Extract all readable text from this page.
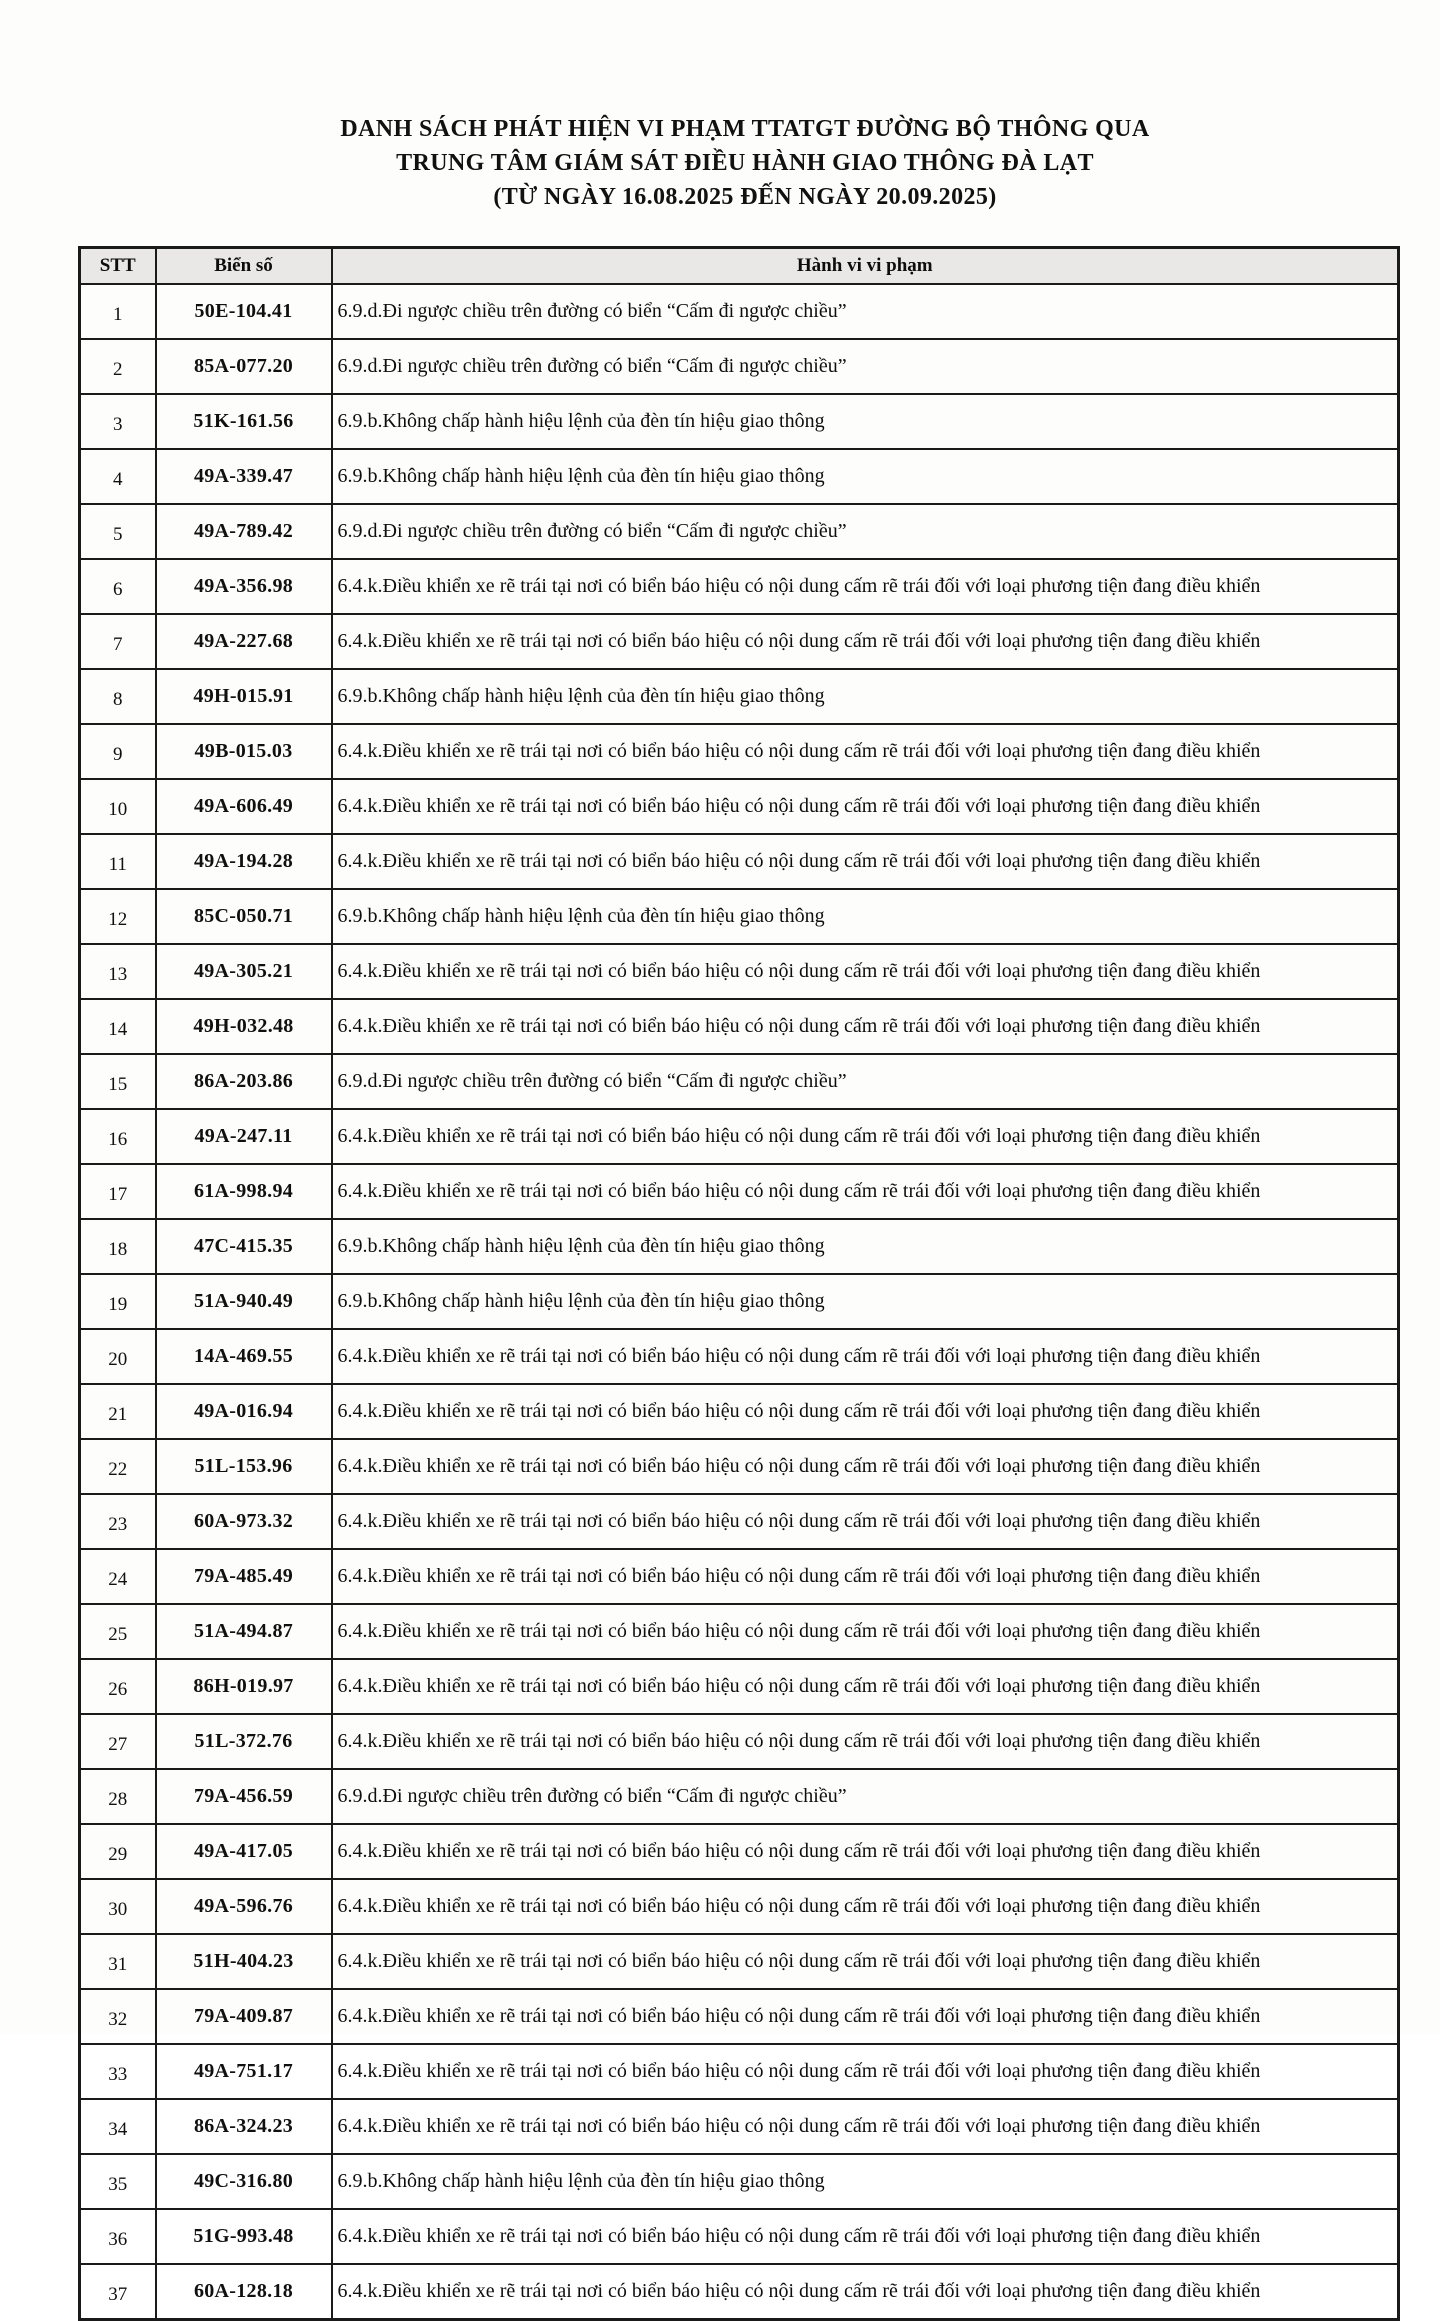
DANH SÁCH PHÁT HIỆN VI PHẠM TTATGT ĐƯỜNG BỘ THÔNG QUA
TRUNG TÂM GIÁM SÁT ĐIỀU HÀNH GIAO THÔNG ĐÀ LẠT
(TỪ NGÀY 16.08.2025 ĐẾN NGÀY 20.09.2025)
STT	Biển số	Hành vi vi phạm
1	50E-104.41	6.9.d.Đi ngược chiều trên đường có biển “Cấm đi ngược chiều”
2	85A-077.20	6.9.d.Đi ngược chiều trên đường có biển “Cấm đi ngược chiều”
3	51K-161.56	6.9.b.Không chấp hành hiệu lệnh của đèn tín hiệu giao thông
4	49A-339.47	6.9.b.Không chấp hành hiệu lệnh của đèn tín hiệu giao thông
5	49A-789.42	6.9.d.Đi ngược chiều trên đường có biển “Cấm đi ngược chiều”
6	49A-356.98	6.4.k.Điều khiển xe rẽ trái tại nơi có biển báo hiệu có nội dung cấm rẽ trái đối với loại phương tiện đang điều khiển
7	49A-227.68	6.4.k.Điều khiển xe rẽ trái tại nơi có biển báo hiệu có nội dung cấm rẽ trái đối với loại phương tiện đang điều khiển
8	49H-015.91	6.9.b.Không chấp hành hiệu lệnh của đèn tín hiệu giao thông
9	49B-015.03	6.4.k.Điều khiển xe rẽ trái tại nơi có biển báo hiệu có nội dung cấm rẽ trái đối với loại phương tiện đang điều khiển
10	49A-606.49	6.4.k.Điều khiển xe rẽ trái tại nơi có biển báo hiệu có nội dung cấm rẽ trái đối với loại phương tiện đang điều khiển
11	49A-194.28	6.4.k.Điều khiển xe rẽ trái tại nơi có biển báo hiệu có nội dung cấm rẽ trái đối với loại phương tiện đang điều khiển
12	85C-050.71	6.9.b.Không chấp hành hiệu lệnh của đèn tín hiệu giao thông
13	49A-305.21	6.4.k.Điều khiển xe rẽ trái tại nơi có biển báo hiệu có nội dung cấm rẽ trái đối với loại phương tiện đang điều khiển
14	49H-032.48	6.4.k.Điều khiển xe rẽ trái tại nơi có biển báo hiệu có nội dung cấm rẽ trái đối với loại phương tiện đang điều khiển
15	86A-203.86	6.9.d.Đi ngược chiều trên đường có biển “Cấm đi ngược chiều”
16	49A-247.11	6.4.k.Điều khiển xe rẽ trái tại nơi có biển báo hiệu có nội dung cấm rẽ trái đối với loại phương tiện đang điều khiển
17	61A-998.94	6.4.k.Điều khiển xe rẽ trái tại nơi có biển báo hiệu có nội dung cấm rẽ trái đối với loại phương tiện đang điều khiển
18	47C-415.35	6.9.b.Không chấp hành hiệu lệnh của đèn tín hiệu giao thông
19	51A-940.49	6.9.b.Không chấp hành hiệu lệnh của đèn tín hiệu giao thông
20	14A-469.55	6.4.k.Điều khiển xe rẽ trái tại nơi có biển báo hiệu có nội dung cấm rẽ trái đối với loại phương tiện đang điều khiển
21	49A-016.94	6.4.k.Điều khiển xe rẽ trái tại nơi có biển báo hiệu có nội dung cấm rẽ trái đối với loại phương tiện đang điều khiển
22	51L-153.96	6.4.k.Điều khiển xe rẽ trái tại nơi có biển báo hiệu có nội dung cấm rẽ trái đối với loại phương tiện đang điều khiển
23	60A-973.32	6.4.k.Điều khiển xe rẽ trái tại nơi có biển báo hiệu có nội dung cấm rẽ trái đối với loại phương tiện đang điều khiển
24	79A-485.49	6.4.k.Điều khiển xe rẽ trái tại nơi có biển báo hiệu có nội dung cấm rẽ trái đối với loại phương tiện đang điều khiển
25	51A-494.87	6.4.k.Điều khiển xe rẽ trái tại nơi có biển báo hiệu có nội dung cấm rẽ trái đối với loại phương tiện đang điều khiển
26	86H-019.97	6.4.k.Điều khiển xe rẽ trái tại nơi có biển báo hiệu có nội dung cấm rẽ trái đối với loại phương tiện đang điều khiển
27	51L-372.76	6.4.k.Điều khiển xe rẽ trái tại nơi có biển báo hiệu có nội dung cấm rẽ trái đối với loại phương tiện đang điều khiển
28	79A-456.59	6.9.d.Đi ngược chiều trên đường có biển “Cấm đi ngược chiều”
29	49A-417.05	6.4.k.Điều khiển xe rẽ trái tại nơi có biển báo hiệu có nội dung cấm rẽ trái đối với loại phương tiện đang điều khiển
30	49A-596.76	6.4.k.Điều khiển xe rẽ trái tại nơi có biển báo hiệu có nội dung cấm rẽ trái đối với loại phương tiện đang điều khiển
31	51H-404.23	6.4.k.Điều khiển xe rẽ trái tại nơi có biển báo hiệu có nội dung cấm rẽ trái đối với loại phương tiện đang điều khiển
32	79A-409.87	6.4.k.Điều khiển xe rẽ trái tại nơi có biển báo hiệu có nội dung cấm rẽ trái đối với loại phương tiện đang điều khiển
33	49A-751.17	6.4.k.Điều khiển xe rẽ trái tại nơi có biển báo hiệu có nội dung cấm rẽ trái đối với loại phương tiện đang điều khiển
34	86A-324.23	6.4.k.Điều khiển xe rẽ trái tại nơi có biển báo hiệu có nội dung cấm rẽ trái đối với loại phương tiện đang điều khiển
35	49C-316.80	6.9.b.Không chấp hành hiệu lệnh của đèn tín hiệu giao thông
36	51G-993.48	6.4.k.Điều khiển xe rẽ trái tại nơi có biển báo hiệu có nội dung cấm rẽ trái đối với loại phương tiện đang điều khiển
37	60A-128.18	6.4.k.Điều khiển xe rẽ trái tại nơi có biển báo hiệu có nội dung cấm rẽ trái đối với loại phương tiện đang điều khiển
